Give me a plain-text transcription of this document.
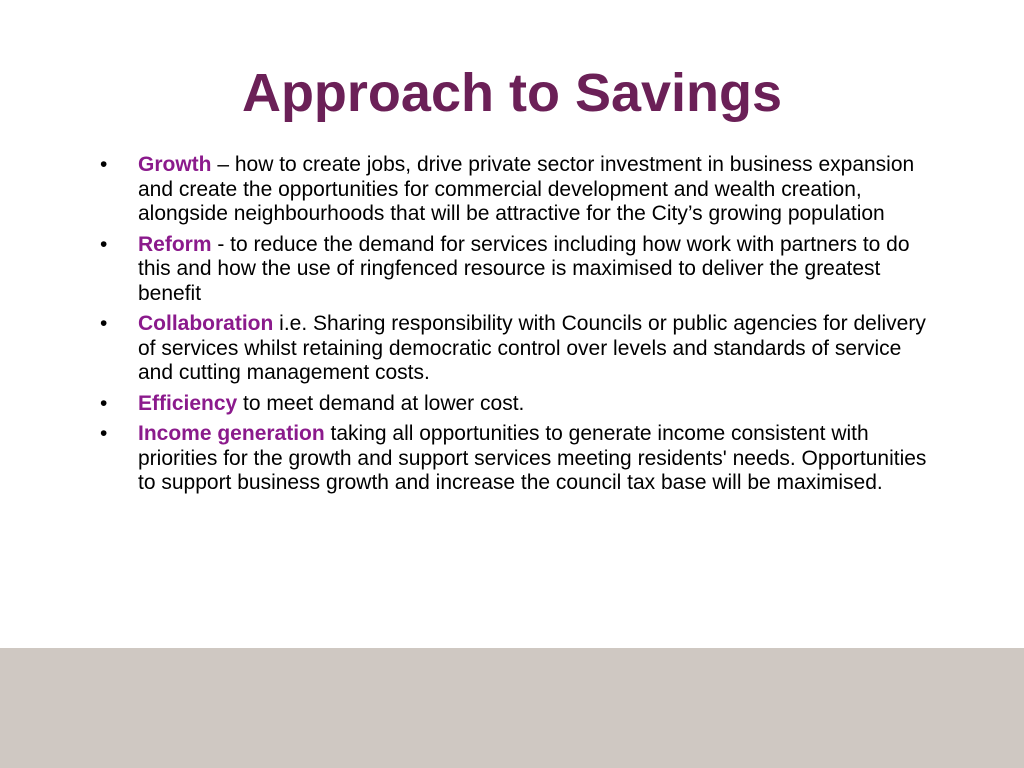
Approach to Savings
•	Growth – how to create jobs, drive private sector investment in business expansion and create the opportunities for commercial development and wealth creation, alongside neighbourhoods that will be attractive for the City’s growing population
•	Reform - to reduce the demand for services including how work with partners to do this and how the use of ringfenced resource is maximised to deliver the greatest benefit
•	Collaboration i.e. Sharing responsibility with Councils or public agencies for delivery of services whilst retaining democratic control over levels and standards of service and cutting management costs.
•	Efficiency to meet demand at lower cost.
•	Income generation taking all opportunities to generate income consistent with priorities for the growth and support services meeting residents' needs. Opportunities to support business growth and increase the council tax base will be maximised.
